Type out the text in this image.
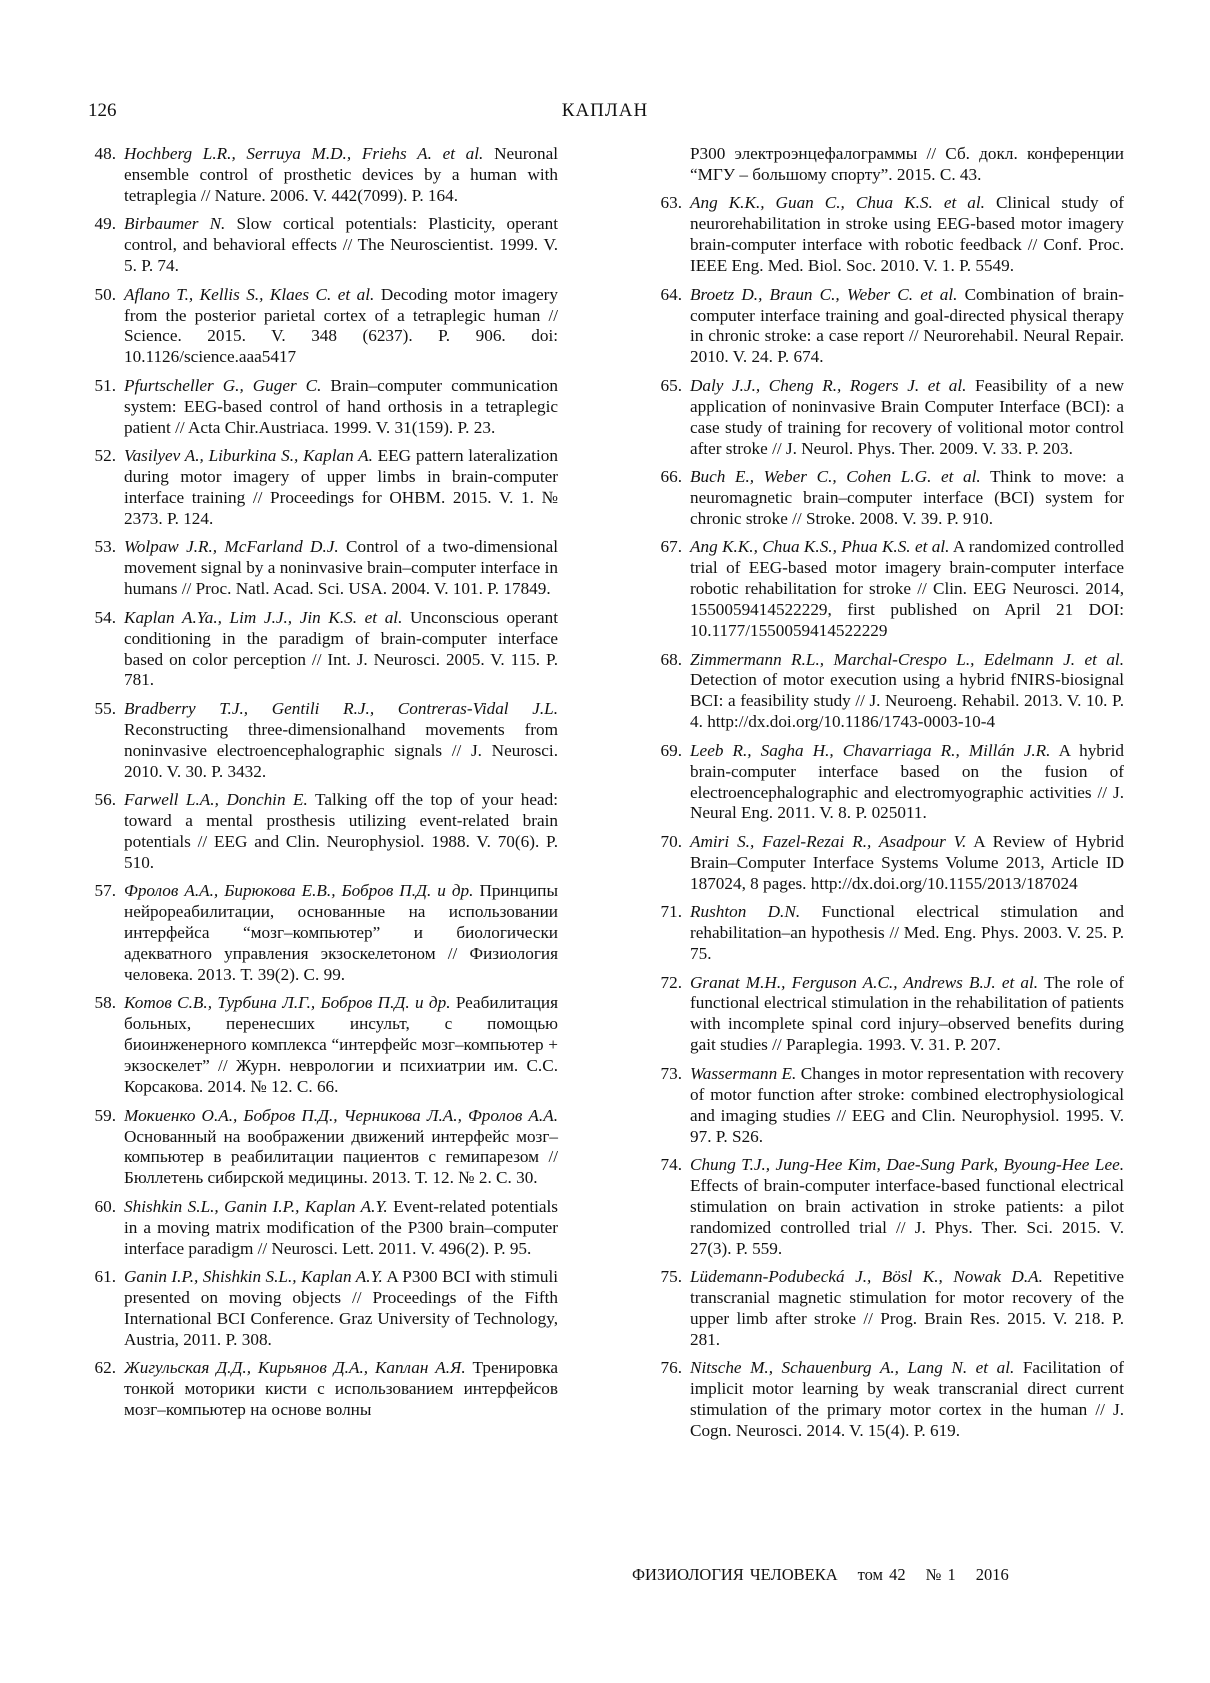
126	КАПЛАН
48. Hochberg L.R., Serruya M.D., Friehs A. et al. Neuronal ensemble control of prosthetic devices by a human with tetraplegia // Nature. 2006. V. 442(7099). P. 164.
49. Birbaumer N. Slow cortical potentials: Plasticity, operant control, and behavioral effects // The Neuroscientist. 1999. V. 5. P. 74.
50. Aflano T., Kellis S., Klaes C. et al. Decoding motor imagery from the posterior parietal cortex of a tetraplegic human // Science. 2015. V. 348 (6237). P. 906. doi: 10.1126/science.aaa5417
51. Pfurtscheller G., Guger C. Brain–computer communication system: EEG-based control of hand orthosis in a tetraplegic patient // Acta Chir.Austriaca. 1999. V. 31(159). P. 23.
52. Vasilyev A., Liburkina S., Kaplan A. EEG pattern lateralization during motor imagery of upper limbs in brain-computer interface training // Proceedings for OHBM. 2015. V. 1. № 2373. P. 124.
53. Wolpaw J.R., McFarland D.J. Control of a two-dimensional movement signal by a noninvasive brain–computer interface in humans // Proc. Natl. Acad. Sci. USA. 2004. V. 101. P. 17849.
54. Kaplan A.Ya., Lim J.J., Jin K.S. et al. Unconscious operant conditioning in the paradigm of brain-computer interface based on color perception // Int. J. Neurosci. 2005. V. 115. P. 781.
55. Bradberry T.J., Gentili R.J., Contreras-Vidal J.L. Reconstructing three-dimensionalhand movements from noninvasive electroencephalographic signals // J. Neurosci. 2010. V. 30. P. 3432.
56. Farwell L.A., Donchin E. Talking off the top of your head: toward a mental prosthesis utilizing event-related brain potentials // EEG and Clin. Neurophysiol. 1988. V. 70(6). P. 510.
57. Фролов А.А., Бирюкова Е.В., Бобров П.Д. и др. Принципы нейрореабилитации, основанные на использовании интерфейса “мозг–компьютер” и биологически адекватного управления экзоскелетоном // Физиология человека. 2013. Т. 39(2). С. 99.
58. Котов С.В., Турбина Л.Г., Бобров П.Д. и др. Реабилитация больных, перенесших инсульт, с помощью биоинженерного комплекса “интерфейс мозг–компьютер + экзоскелет” // Журн. неврологии и психиатрии им. С.С. Корсакова. 2014. № 12. С. 66.
59. Мокиенко О.А., Бобров П.Д., Черникова Л.А., Фролов А.А. Основанный на воображении движений интерфейс мозг–компьютер в реабилитации пациентов с гемипарезом // Бюллетень сибирской медицины. 2013. Т. 12. № 2. С. 30.
60. Shishkin S.L., Ganin I.P., Kaplan A.Y. Event-related potentials in a moving matrix modification of the P300 brain–computer interface paradigm // Neurosci. Lett. 2011. V. 496(2). P. 95.
61. Ganin I.P., Shishkin S.L., Kaplan A.Y. A P300 BCI with stimuli presented on moving objects // Proceedings of the Fifth International BCI Conference. Graz University of Technology, Austria, 2011. P. 308.
62. Жигульская Д.Д., Кирьянов Д.А., Каплан А.Я. Тренировка тонкой моторики кисти с использованием интерфейсов мозг–компьютер на основе волны
Р300 электроэнцефалограммы // Сб. докл. конференции “МГУ – большому спорту”. 2015. С. 43.
63. Ang K.K., Guan C., Chua K.S. et al. Clinical study of neurorehabilitation in stroke using EEG-based motor imagery brain-computer interface with robotic feedback // Conf. Proc. IEEE Eng. Med. Biol. Soc. 2010. V. 1. P. 5549.
64. Broetz D., Braun C., Weber C. et al. Combination of brain-computer interface training and goal-directed physical therapy in chronic stroke: a case report // Neurorehabil. Neural Repair. 2010. V. 24. P. 674.
65. Daly J.J., Cheng R., Rogers J. et al. Feasibility of a new application of noninvasive Brain Computer Interface (BCI): a case study of training for recovery of volitional motor control after stroke // J. Neurol. Phys. Ther. 2009. V. 33. P. 203.
66. Buch E., Weber C., Cohen L.G. et al. Think to move: a neuromagnetic brain–computer interface (BCI) system for chronic stroke // Stroke. 2008. V. 39. P. 910.
67. Ang K.K., Chua K.S., Phua K.S. et al. A randomized controlled trial of EEG-based motor imagery brain-computer interface robotic rehabilitation for stroke // Clin. EEG Neurosci. 2014, 1550059414522229, first published on April 21 DOI: 10.1177/1550059414522229
68. Zimmermann R.L., Marchal-Crespo L., Edelmann J. et al. Detection of motor execution using a hybrid fNIRS-biosignal BCI: a feasibility study // J. Neuroeng. Rehabil. 2013. V. 10. P. 4. http://dx.doi.org/10.1186/1743-0003-10-4
69. Leeb R., Sagha H., Chavarriaga R., Millán J.R. A hybrid brain-computer interface based on the fusion of electroencephalographic and electromyographic activities // J. Neural Eng. 2011. V. 8. P. 025011.
70. Amiri S., Fazel-Rezai R., Asadpour V. A Review of Hybrid Brain–Computer Interface Systems Volume 2013, Article ID 187024, 8 pages. http://dx.doi.org/10.1155/2013/187024
71. Rushton D.N. Functional electrical stimulation and rehabilitation–an hypothesis // Med. Eng. Phys. 2003. V. 25. P. 75.
72. Granat M.H., Ferguson A.C., Andrews B.J. et al. The role of functional electrical stimulation in the rehabilitation of patients with incomplete spinal cord injury–observed benefits during gait studies // Paraplegia. 1993. V. 31. P. 207.
73. Wassermann E. Changes in motor representation with recovery of motor function after stroke: combined electrophysiological and imaging studies // EEG and Clin. Neurophysiol. 1995. V. 97. P. S26.
74. Chung T.J., Jung-Hee Kim, Dae-Sung Park, Byoung-Hee Lee. Effects of brain-computer interface-based functional electrical stimulation on brain activation in stroke patients: a pilot randomized controlled trial // J. Phys. Ther. Sci. 2015. V. 27(3). P. 559.
75. Lüdemann-Podubecká J., Bösl K., Nowak D.A. Repetitive transcranial magnetic stimulation for motor recovery of the upper limb after stroke // Prog. Brain Res. 2015. V. 218. P. 281.
76. Nitsche M., Schauenburg A., Lang N. et al. Facilitation of implicit motor learning by weak transcranial direct current stimulation of the primary motor cortex in the human // J. Cogn. Neurosci. 2014. V. 15(4). P. 619.
ФИЗИОЛОГИЯ ЧЕЛОВЕКА том 42 № 1 2016
